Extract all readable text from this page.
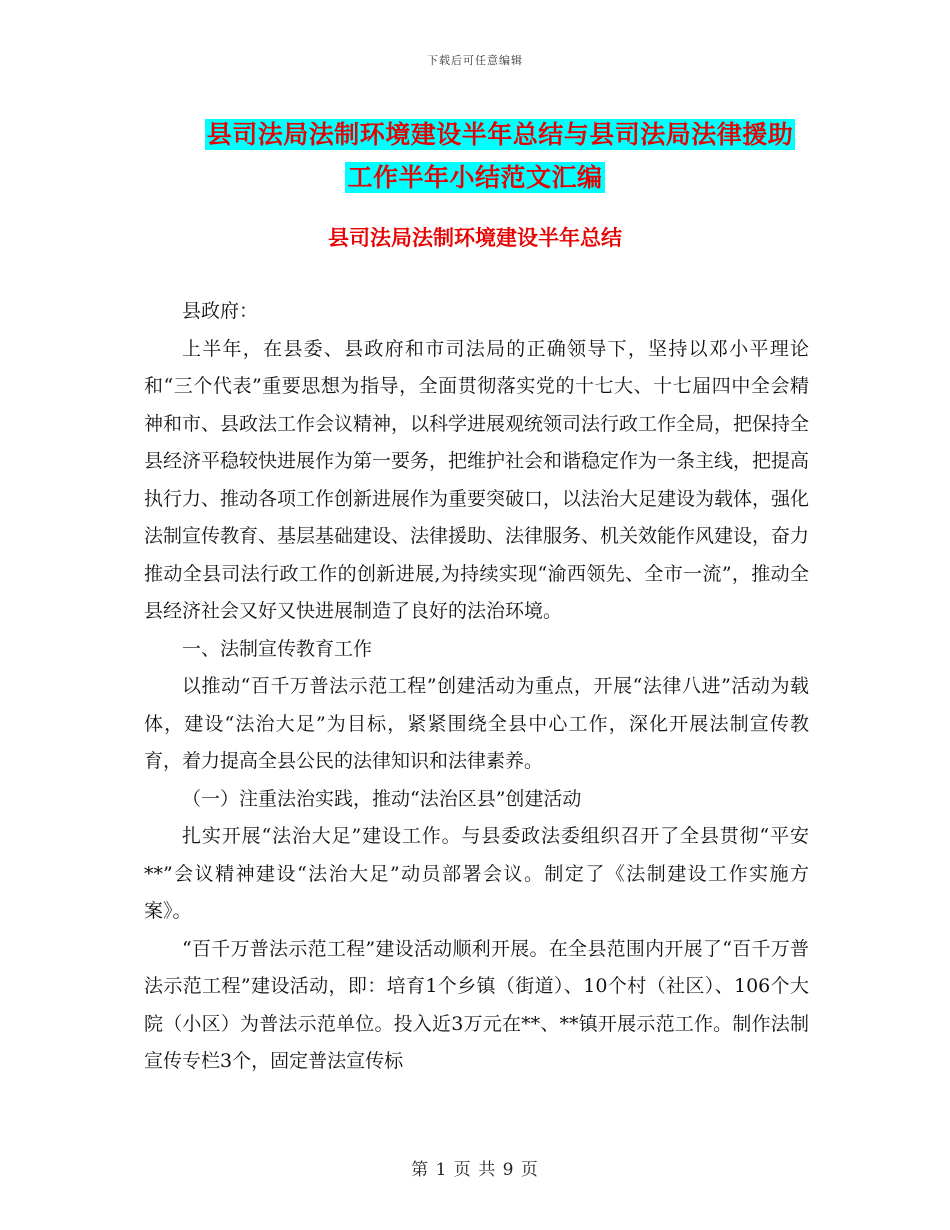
下载后可任意编辑
县司法局法制环境建设半年总结与县司法局法律援助
工作半年小结范文汇编
县司法局法制环境建设半年总结

县政府：

上半年，在县委、县政府和市司法局的正确领导下，坚持以邓小平理论和“三个代表”重要思想为指导，全面贯彻落实党的十七大、十七届四中全会精神和市、县政法工作会议精神，以科学进展观统领司法行政工作全局，把保持全县经济平稳较快进展作为第一要务，把维护社会和谐稳定作为一条主线，把提高执行力、推动各项工作创新进展作为重要突破口，以法治大足建设为载体，强化法制宣传教育、基层基础建设、法律援助、法律服务、机关效能作风建设，奋力推动全县司法行政工作的创新进展,为持续实现“渝西领先、全市一流”，推动全县经济社会又好又快进展制造了良好的法治环境。

一、法制宣传教育工作

以推动“百千万普法示范工程”创建活动为重点，开展“法律八进”活动为载体，建设“法治大足”为目标，紧紧围绕全县中心工作，深化开展法制宣传教育，着力提高全县公民的法律知识和法律素养。

（一）注重法治实践，推动“法治区县”创建活动

扎实开展“法治大足”建设工作。与县委政法委组织召开了全县贯彻“平安**”会议精神建设“法治大足”动员部署会议。制定了《法制建设工作实施方案》。

“百千万普法示范工程”建设活动顺利开展。在全县范围内开展了“百千万普法示范工程”建设活动，即：培育1个乡镇（街道）、10个村（社区）、106个大院（小区）为普法示范单位。投入近3万元在**、**镇开展示范工作。制作法制宣传专栏3个，固定普法宣传标

第 1 页 共 9 页
